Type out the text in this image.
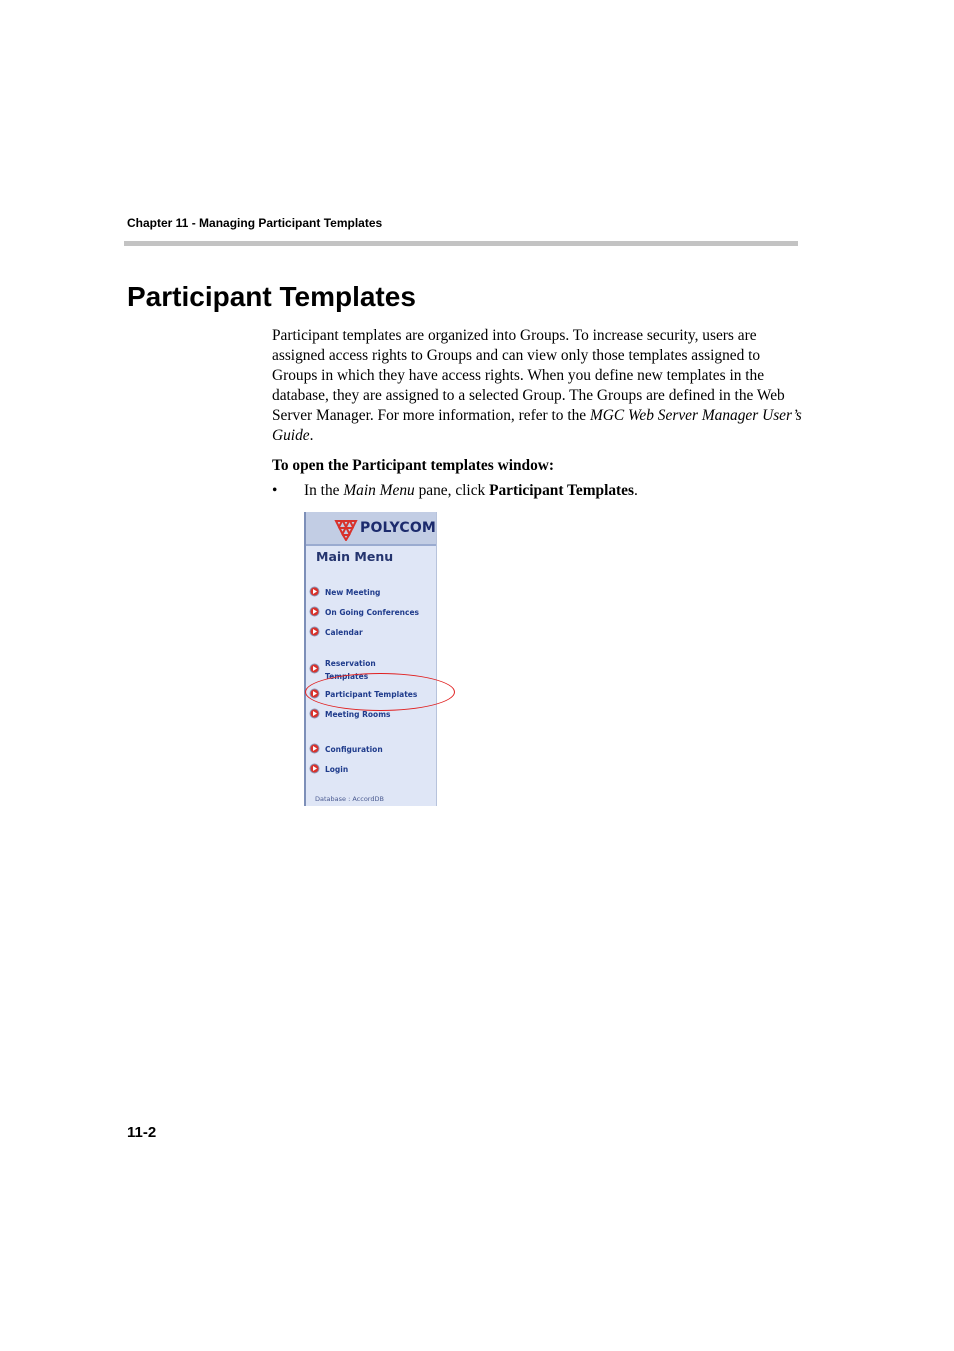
Chapter 11 - Managing Participant Templates
Participant Templates

Participant templates are organized into Groups. To increase security, users are assigned access rights to Groups and can view only those templates assigned to Groups in which they have access rights. When you define new templates in the database, they are assigned to a selected Group. The Groups are defined in the Web Server Manager. For more information, refer to the MGC Web Server Manager User’s Guide.

To open the Participant templates window:
• In the Main Menu pane, click Participant Templates.
POLYCOM
Main Menu
New Meeting
On Going Conferences
Calendar
Reservation Templates
Participant Templates
Meeting Rooms
Configuration
Login
Database : AccordDB
11-2
